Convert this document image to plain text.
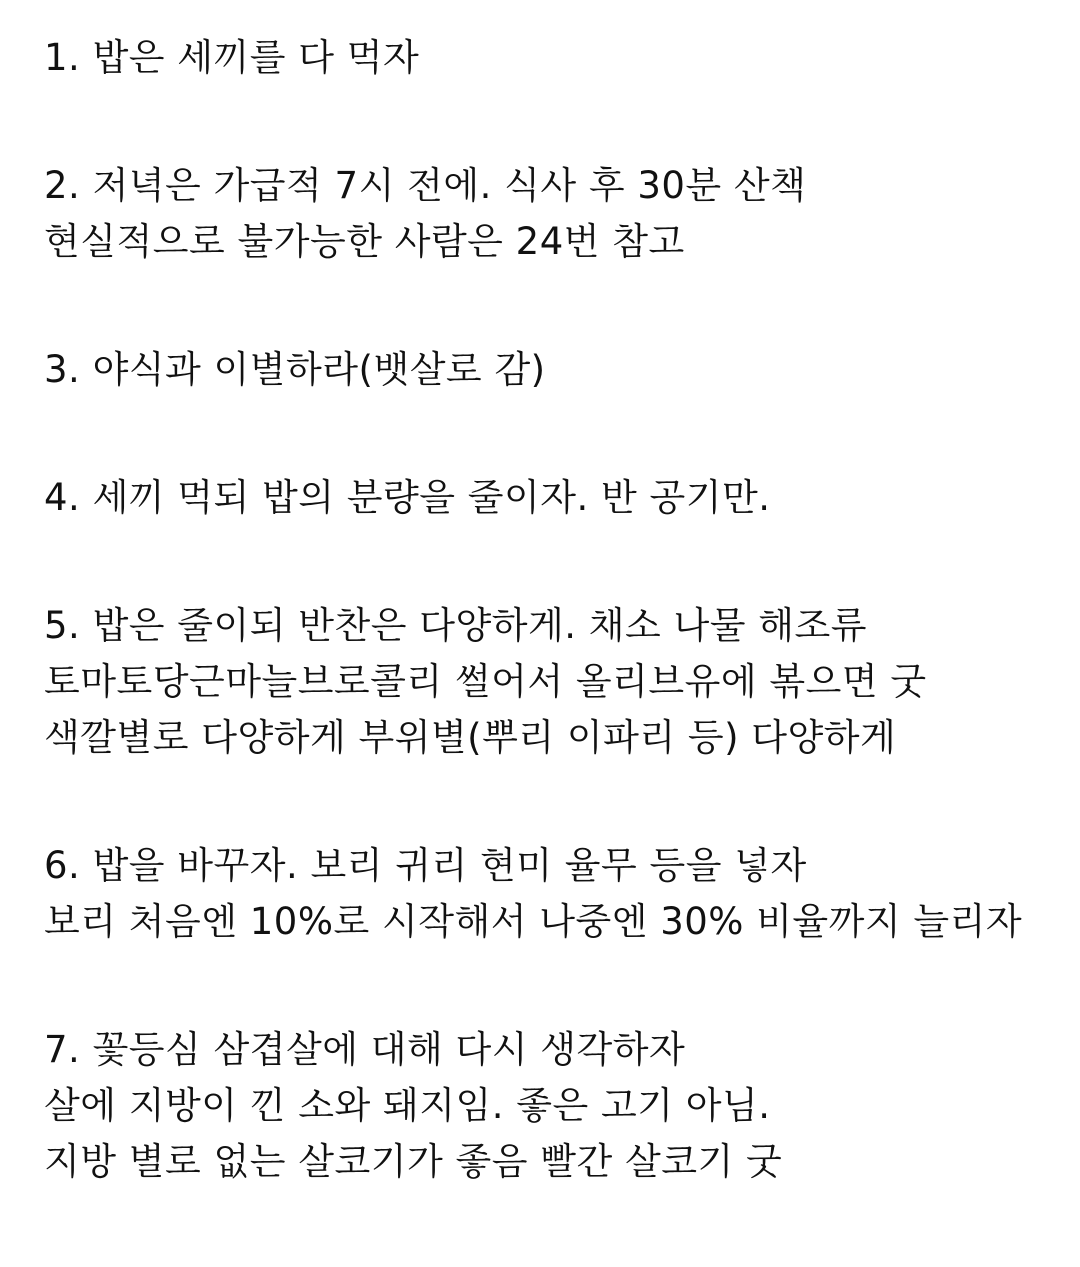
1. 밥은 세끼를 다 먹자
2. 저녁은 가급적 7시 전에. 식사 후 30분 산책
현실적으로 불가능한 사람은 24번 참고
3. 야식과 이별하라(뱃살로 감)
4. 세끼 먹되 밥의 분량을 줄이자. 반 공기만.
5. 밥은 줄이되 반찬은 다양하게. 채소 나물 해조류
토마토당근마늘브로콜리 썰어서 올리브유에 볶으면 굿
색깔별로 다양하게 부위별(뿌리 이파리 등) 다양하게
6. 밥을 바꾸자. 보리 귀리 현미 율무 등을 넣자
보리 처음엔 10%로 시작해서 나중엔 30% 비율까지 늘리자
7. 꽃등심 삼겹살에 대해 다시 생각하자
살에 지방이 낀 소와 돼지임. 좋은 고기 아님.
지방 별로 없는 살코기가 좋음 빨간 살코기 굿
